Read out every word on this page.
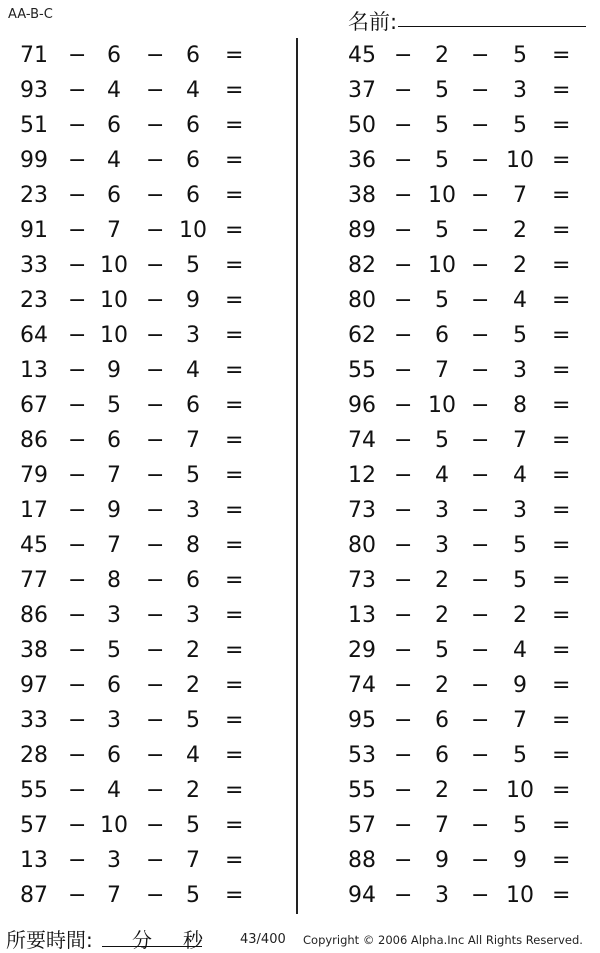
AA-B-C	名前:
71 − 6	− 6	=
93 − 4	− 4	=
51 − 6	− 6	=
99 − 4	− 6	=
23 − 6	− 6	=
91 − 7	− 10 =
33 − 10 − 5	=
23 − 10 − 9	=
64 − 10 − 3	=
13 − 9	− 4	=
67 − 5	− 6	=
86 − 6	− 7	=
79 − 7	− 5	=
17 − 9	− 3	=
45 − 7	− 8	=
77 − 8	− 6	=
86 − 3	− 3	=
38 − 5	− 2	=
97 − 6	− 2	=
33 − 3	− 5	=
28 − 6	− 4	=
55 − 4	− 2	=
57 − 10 − 5	=
13 − 3	− 7	=
87 − 7	− 5	=
45 −	2	−	5	=
37 −	5	−	3	=
50 −	5	−	5	=
36 −	5	− 10 =
38 − 10 −	7	=
89 −	5	−	2	=
82 − 10 −	2	=
80 −	5	−	4	=
62 −	6	−	5	=
55 −	7	−	3	=
96 − 10 −	8	=
74 −	5	−	7	=
12 −	4	−	4	=
73 −	3	−	3	=
80 −	3	−	5	=
73 −	2	−	5	=
13 −	2	−	2	=
29 −	5	−	4	=
74 −	2	−	9	=
95 −	6	−	7	=
53 −	6	−	5	=
55 −	2	− 10 =
57 −	7	−	5	=
88 −	9	−	9	=
94 −	3	− 10 =
所要時間: 分 秒	43/400 Copyright © 2006 Alpha.Inc All Rights Reserved.
